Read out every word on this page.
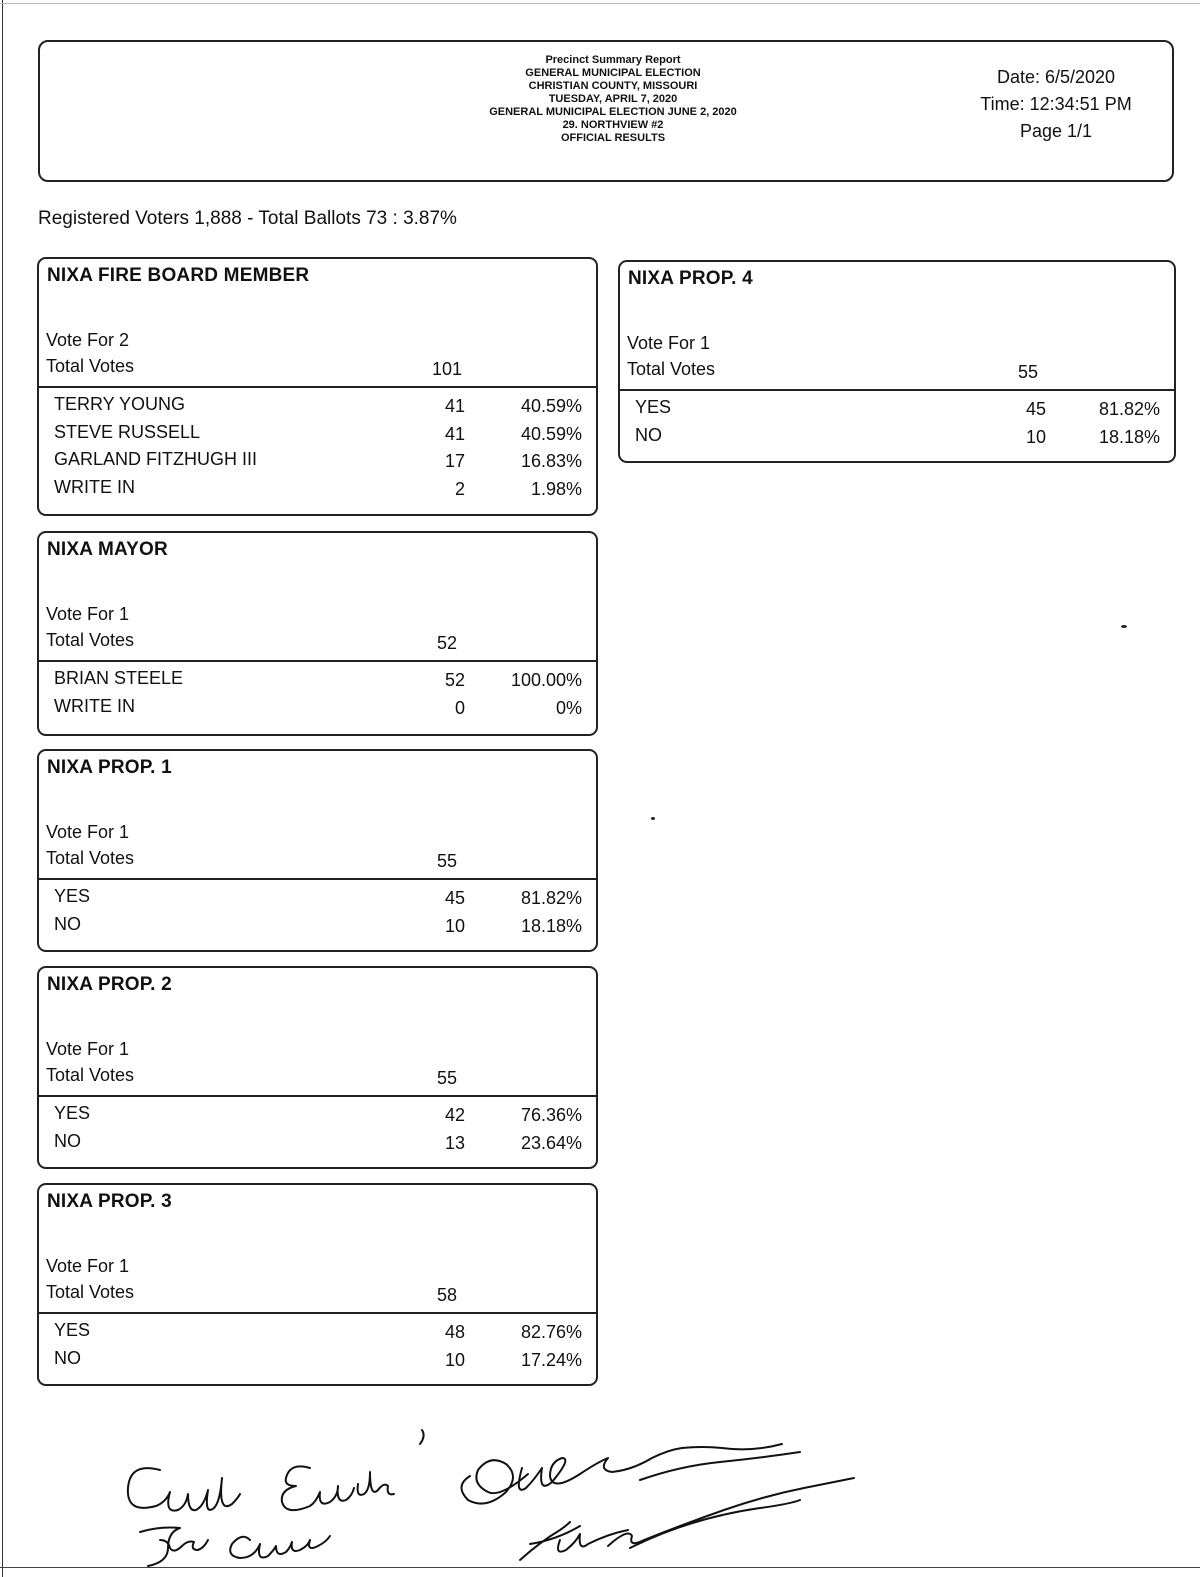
Precinct Summary Report
GENERAL MUNICIPAL ELECTION
CHRISTIAN COUNTY, MISSOURI
TUESDAY, APRIL 7, 2020
GENERAL MUNICIPAL ELECTION JUNE 2, 2020
29. NORTHVIEW #2
OFFICIAL RESULTS
Date: 6/5/2020
Time: 12:34:51 PM
Page 1/1
Registered Voters 1,888 - Total Ballots 73 : 3.87%
NIXA FIRE BOARD MEMBER
Vote For 2
Total Votes	101
TERRY YOUNG	41	40.59%
STEVE RUSSELL	41	40.59%
GARLAND FITZHUGH III	17	16.83%
WRITE IN	2	1.98%
NIXA MAYOR
Vote For 1
Total Votes	52
BRIAN STEELE	52	100.00%
WRITE IN	0	0%
NIXA PROP. 1
Vote For 1
Total Votes	55
YES	45	81.82%
NO	10	18.18%
NIXA PROP. 2
Vote For 1
Total Votes	55
YES	42	76.36%
NO	13	23.64%
NIXA PROP. 3
Vote For 1
Total Votes	58
YES	48	82.76%
NO	10	17.24%
NIXA PROP. 4
Vote For 1
Total Votes	55
YES	45	81.82%
NO	10	18.18%
